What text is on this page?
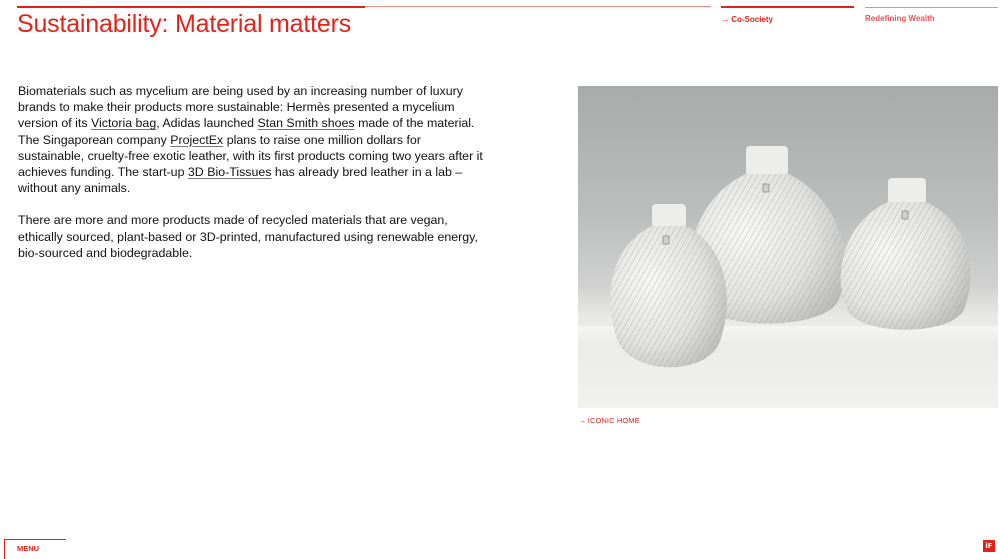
Sustainability: Material matters	→ Co-Society	Redefining Wealth

Biomaterials such as mycelium are being used by an increasing number of luxury brands to make their products more sustainable: Hermès presented a mycelium version of its Victoria bag, Adidas launched Stan Smith shoes made of the material. The Singaporean company ProjectEx plans to raise one million dollars for sustainable, cruelty-free exotic leather, with its first products coming two years after it achieves funding. The start-up 3D Bio-Tissues has already bred leather in a lab – without any animals.

There are more and more products made of recycled materials that are vegan, ethically sourced, plant-based or 3D-printed, manufactured using renewable energy, bio-sourced and biodegradable.

→ ICONIC HOME
MENU	iF
